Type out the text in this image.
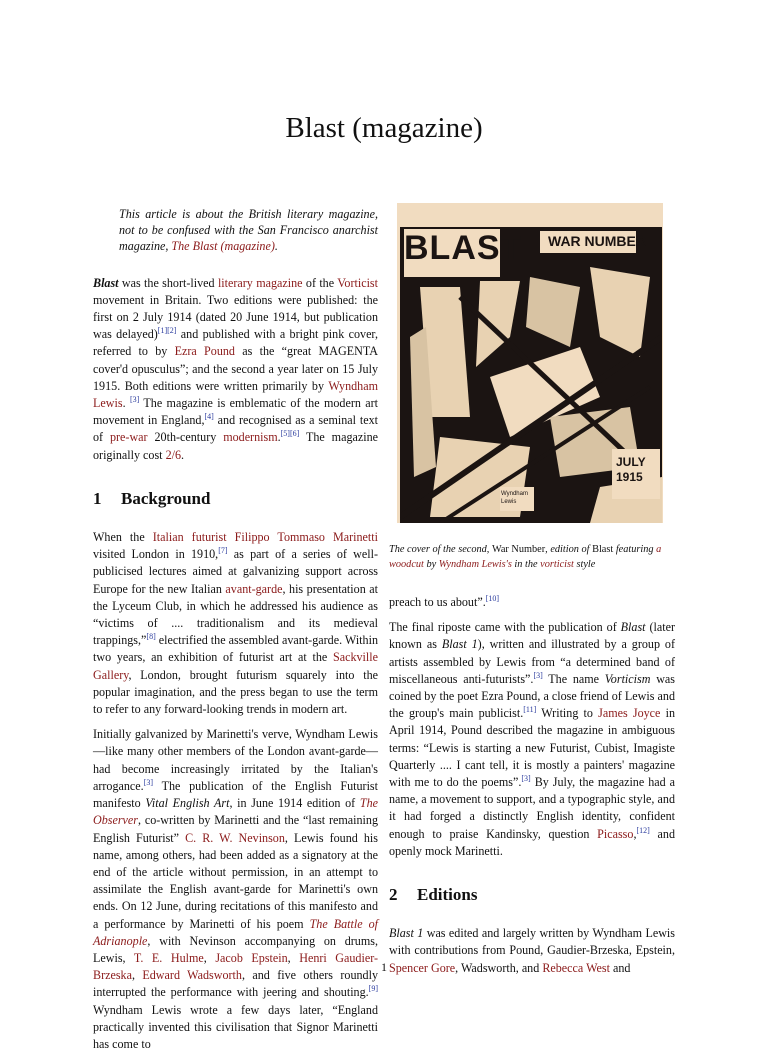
Blast (magazine)

This article is about the British literary magazine, not to be confused with the San Francisco anarchist magazine, The Blast (magazine).

Blast was the short-lived literary magazine of the Vorticist movement in Britain. Two editions were published: the first on 2 July 1914 (dated 20 June 1914, but publication was delayed)[1][2] and published with a bright pink cover, referred to by Ezra Pound as the “great MAGENTA cover'd opusculus”; and the second a year later on 15 July 1915. Both editions were written primarily by Wyndham Lewis. [3] The magazine is emblematic of the modern art movement in England,[4] and recognised as a seminal text of pre-war 20th-century modernism.[5][6] The magazine originally cost 2/6.

1 Background

When the Italian futurist Filippo Tommaso Marinetti visited London in 1910,[7] as part of a series of well-publicised lectures aimed at galvanizing support across Europe for the new Italian avant-garde, his presentation at the Lyceum Club, in which he addressed his audience as “victims of .... traditionalism and its medieval trappings,”[8] electrified the assembled avant-garde. Within two years, an exhibition of futurist art at the Sackville Gallery, London, brought futurism squarely into the popular imagination, and the press began to use the term to refer to any forward-looking trends in modern art.

Initially galvanized by Marinetti's verve, Wyndham Lewis—like many other members of the London avant-garde—had become increasingly irritated by the Italian's arrogance.[3] The publication of the English Futurist manifesto Vital English Art, in June 1914 edition of The Observer, co-written by Marinetti and the “last remaining English Futurist” C. R. W. Nevinson, Lewis found his name, among others, had been added as a signatory at the end of the article without permission, in an attempt to assimilate the English avant-garde for Marinetti's own ends. On 12 June, during recitations of this manifesto and a performance by Marinetti of his poem The Battle of Adrianople, with Nevinson accompanying on drums, Lewis, T. E. Hulme, Jacob Epstein, Henri Gaudier-Brzeska, Edward Wadsworth, and five others roundly interrupted the performance with jeering and shouting.[9] Wyndham Lewis wrote a few days later, “England practically invented this civilisation that Signor Marinetti has come to

BLAST WAR NUMBER
JULY 1915
Wyndham Lewis
The cover of the second, War Number, edition of Blast featuring a woodcut by Wyndham Lewis's in the vorticist style

preach to us about”.[10]

The final riposte came with the publication of Blast (later known as Blast 1), written and illustrated by a group of artists assembled by Lewis from “a determined band of miscellaneous anti-futurists”.[3] The name Vorticism was coined by the poet Ezra Pound, a close friend of Lewis and the group's main publicist.[11] Writing to James Joyce in April 1914, Pound described the magazine in ambiguous terms: “Lewis is starting a new Futurist, Cubist, Imagiste Quarterly .... I cant tell, it is mostly a painters' magazine with me to do the poems”.[3] By July, the magazine had a name, a movement to support, and a typographic style, and it had forged a distinctly English identity, confident enough to praise Kandinsky, question Picasso,[12] and openly mock Marinetti.

2 Editions

Blast 1 was edited and largely written by Wyndham Lewis with contributions from Pound, Gaudier-Brzeska, Epstein, Spencer Gore, Wadsworth, and Rebecca West and

1
